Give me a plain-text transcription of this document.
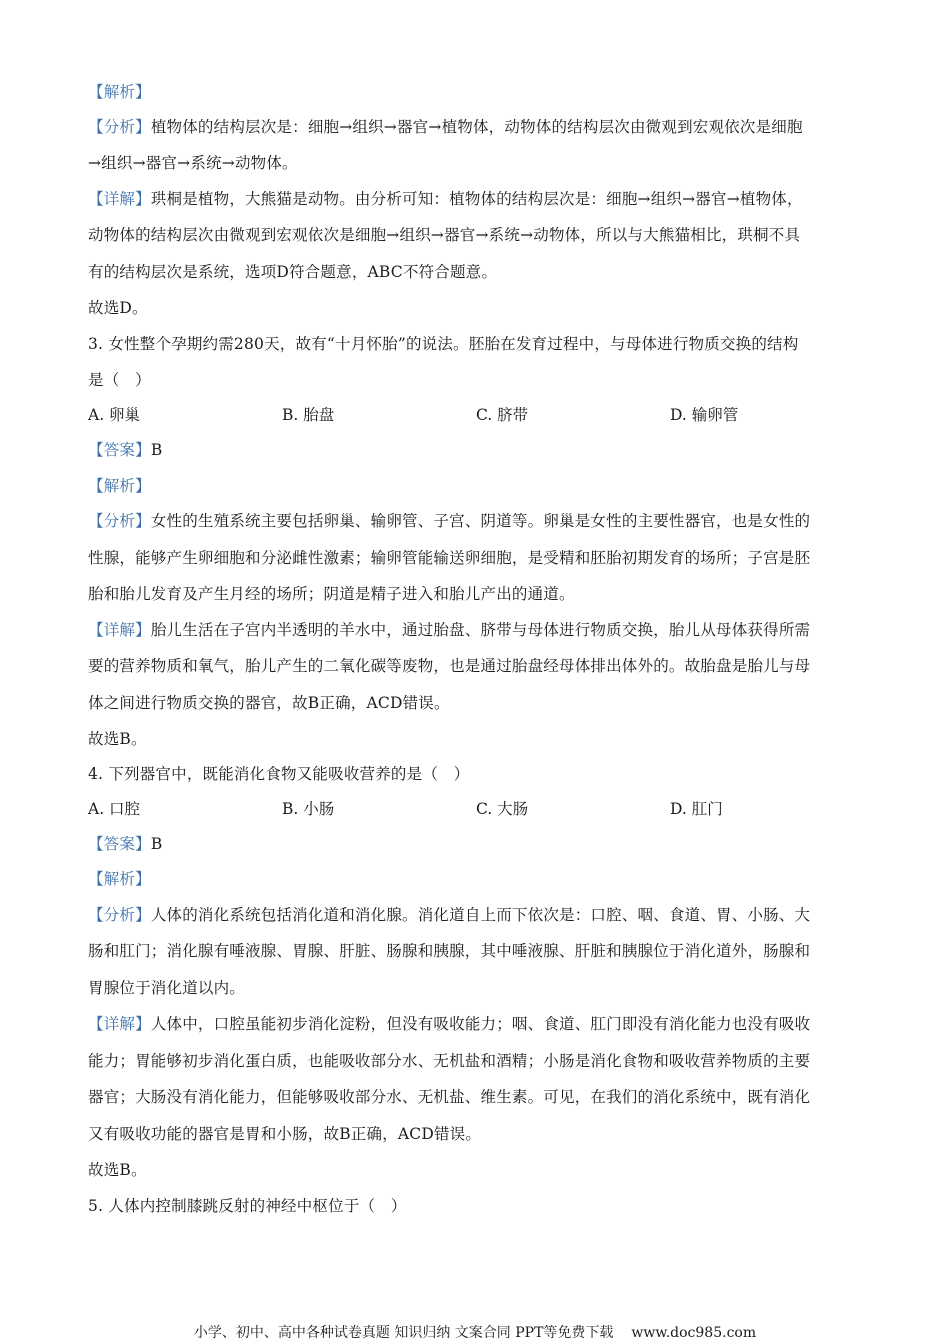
【解析】
【分析】植物体的结构层次是：细胞→组织→器官→植物体，动物体的结构层次由微观到宏观依次是细胞
→组织→器官→系统→动物体。
【详解】珙桐是植物，大熊猫是动物。由分析可知：植物体的结构层次是：细胞→组织→器官→植物体，
动物体的结构层次由微观到宏观依次是细胞→组织→器官→系统→动物体，所以与大熊猫相比，珙桐不具
有的结构层次是系统，选项D符合题意，ABC不符合题意。
故选D。
3. 女性整个孕期约需280天，故有“十月怀胎”的说法。胚胎在发育过程中，与母体进行物质交换的结构
是（　）
A. 卵巢	B. 胎盘	C. 脐带	D. 输卵管
【答案】B
【解析】
【分析】女性的生殖系统主要包括卵巢、输卵管、子宫、阴道等。卵巢是女性的主要性器官，也是女性的
性腺，能够产生卵细胞和分泌雌性激素；输卵管能输送卵细胞，是受精和胚胎初期发育的场所；子宫是胚
胎和胎儿发育及产生月经的场所；阴道是精子进入和胎儿产出的通道。
【详解】胎儿生活在子宫内半透明的羊水中，通过胎盘、脐带与母体进行物质交换，胎儿从母体获得所需
要的营养物质和氧气，胎儿产生的二氧化碳等废物，也是通过胎盘经母体排出体外的。故胎盘是胎儿与母
体之间进行物质交换的器官，故B正确，ACD错误。
故选B。
4. 下列器官中，既能消化食物又能吸收营养的是（　）
A. 口腔	B. 小肠	C. 大肠	D. 肛门
【答案】B
【解析】
【分析】人体的消化系统包括消化道和消化腺。消化道自上而下依次是：口腔、咽、食道、胃、小肠、大
肠和肛门；消化腺有唾液腺、胃腺、肝脏、肠腺和胰腺，其中唾液腺、肝脏和胰腺位于消化道外，肠腺和
胃腺位于消化道以内。
【详解】人体中，口腔虽能初步消化淀粉，但没有吸收能力；咽、食道、肛门即没有消化能力也没有吸收
能力；胃能够初步消化蛋白质，也能吸收部分水、无机盐和酒精；小肠是消化食物和吸收营养物质的主要
器官；大肠没有消化能力，但能够吸收部分水、无机盐、维生素。可见，在我们的消化系统中，既有消化
又有吸收功能的器官是胃和小肠，故B正确，ACD错误。
故选B。
5. 人体内控制膝跳反射的神经中枢位于（　）
小学、初中、高中各种试卷真题 知识归纳 文案合同 PPT等免费下载 www.doc985.com
